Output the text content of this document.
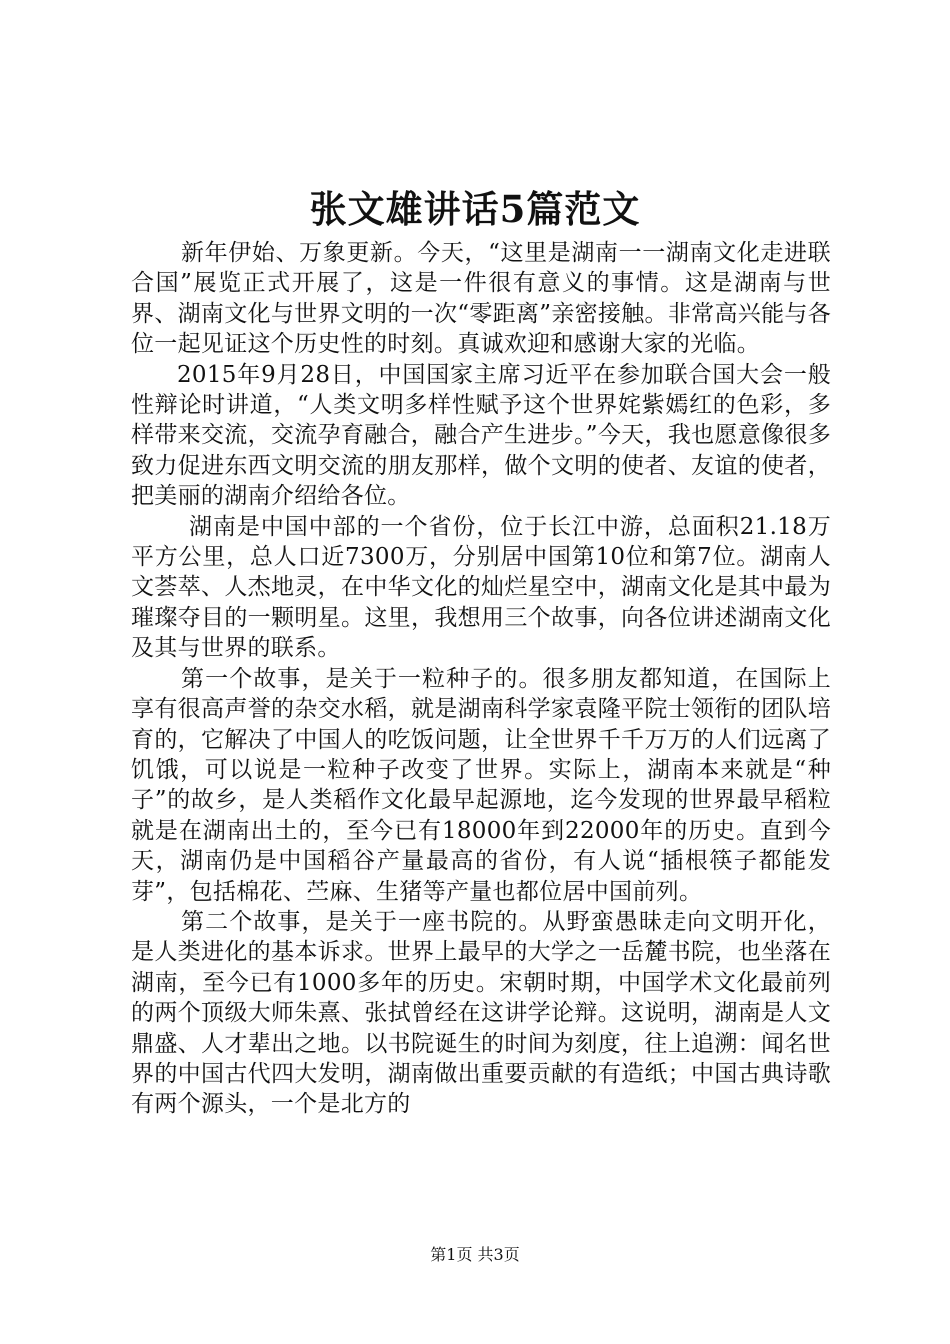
张文雄讲话5篇范文

新年伊始、万象更新。今天，“这里是湖南一一湖南文化走进联合国”展览正式开展了，这是一件很有意义的事情。这是湖南与世界、湖南文化与世界文明的一次“零距离”亲密接触。非常高兴能与各位一起见证这个历史性的时刻。真诚欢迎和感谢大家的光临。

2015年9月28日，中国国家主席习近平在参加联合国大会一般性辩论时讲道，“人类文明多样性赋予这个世界姹紫嫣红的色彩，多样带来交流，交流孕育融合，融合产生进步。”今天，我也愿意像很多致力促进东西文明交流的朋友那样，做个文明的使者、友谊的使者，把美丽的湖南介绍给各位。

湖南是中国中部的一个省份，位于长江中游，总面积21.18万平方公里，总人口近7300万，分别居中国第10位和第7位。湖南人文荟萃、人杰地灵，在中华文化的灿烂星空中，湖南文化是其中最为璀璨夺目的一颗明星。这里，我想用三个故事，向各位讲述湖南文化及其与世界的联系。

第一个故事，是关于一粒种子的。很多朋友都知道，在国际上享有很高声誉的杂交水稻，就是湖南科学家袁隆平院士领衔的团队培育的，它解决了中国人的吃饭问题，让全世界千千万万的人们远离了饥饿，可以说是一粒种子改变了世界。实际上，湖南本来就是“种子”的故乡，是人类稻作文化最早起源地，迄今发现的世界最早稻粒就是在湖南出土的，至今已有18000年到22000年的历史。直到今天，湖南仍是中国稻谷产量最高的省份，有人说“插根筷子都能发芽”，包括棉花、苎麻、生猪等产量也都位居中国前列。

第二个故事，是关于一座书院的。从野蛮愚昧走向文明开化，是人类进化的基本诉求。世界上最早的大学之一岳麓书院，也坐落在湖南，至今已有1000多年的历史。宋朝时期，中国学术文化最前列的两个顶级大师朱熹、张拭曾经在这讲学论辩。这说明，湖南是人文鼎盛、人才辈出之地。以书院诞生的时间为刻度，往上追溯：闻名世界的中国古代四大发明，湖南做出重要贡献的有造纸；中国古典诗歌有两个源头，一个是北方的

第1页 共3页
